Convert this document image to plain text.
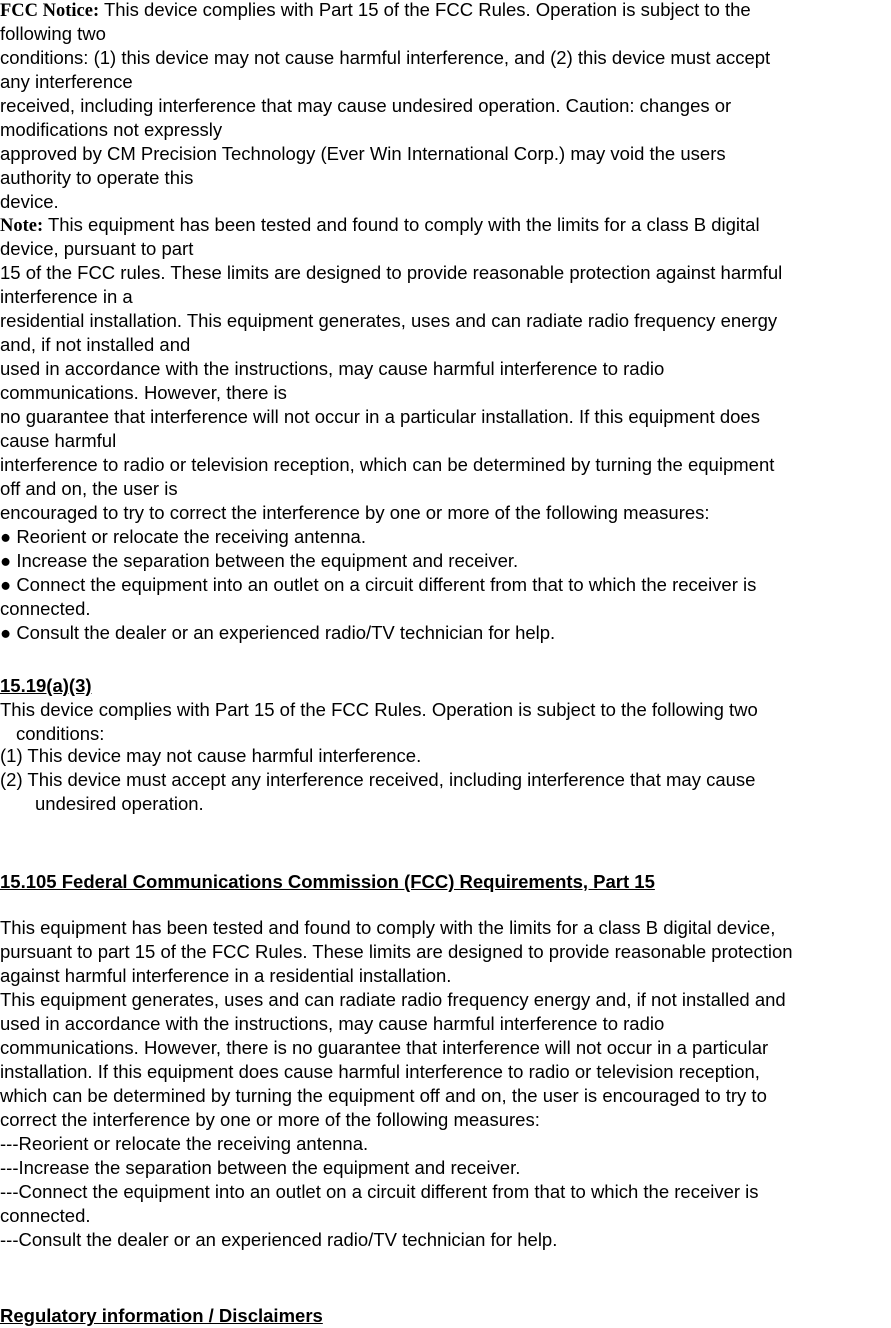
FCC Notice: This device complies with Part 15 of the FCC Rules. Operation is subject to the
following two
conditions: (1) this device may not cause harmful interference, and (2) this device must accept
any interference
received, including interference that may cause undesired operation. Caution: changes or
modifications not expressly
approved by CM Precision Technology (Ever Win International Corp.) may void the users
authority to operate this
device.
Note: This equipment has been tested and found to comply with the limits for a class B digital
device, pursuant to part
15 of the FCC rules. These limits are designed to provide reasonable protection against harmful
interference in a
residential installation. This equipment generates, uses and can radiate radio frequency energy
and, if not installed and
used in accordance with the instructions, may cause harmful interference to radio
communications. However, there is
no guarantee that interference will not occur in a particular installation. If this equipment does
cause harmful
interference to radio or television reception, which can be determined by turning the equipment
off and on, the user is
encouraged to try to correct the interference by one or more of the following measures:
● Reorient or relocate the receiving antenna.
● Increase the separation between the equipment and receiver.
● Connect the equipment into an outlet on a circuit different from that to which the receiver is
connected.
● Consult the dealer or an experienced radio/TV technician for help.
15.19(a)(3)
This device complies with Part 15 of the FCC Rules. Operation is subject to the following two
conditions:
(1) This device may not cause harmful interference.
(2) This device must accept any interference received, including interference that may cause
undesired operation.
15.105 Federal Communications Commission (FCC) Requirements, Part 15
This equipment has been tested and found to comply with the limits for a class B digital device,
pursuant to part 15 of the FCC Rules. These limits are designed to provide reasonable protection
against harmful interference in a residential installation.
This equipment generates, uses and can radiate radio frequency energy and, if not installed and
used in accordance with the instructions, may cause harmful interference to radio
communications. However, there is no guarantee that interference will not occur in a particular
installation. If this equipment does cause harmful interference to radio or television reception,
which can be determined by turning the equipment off and on, the user is encouraged to try to
correct the interference by one or more of the following measures:
---Reorient or relocate the receiving antenna.
---Increase the separation between the equipment and receiver.
---Connect the equipment into an outlet on a circuit different from that to which the receiver is
connected.
---Consult the dealer or an experienced radio/TV technician for help.
Regulatory information / Disclaimers
